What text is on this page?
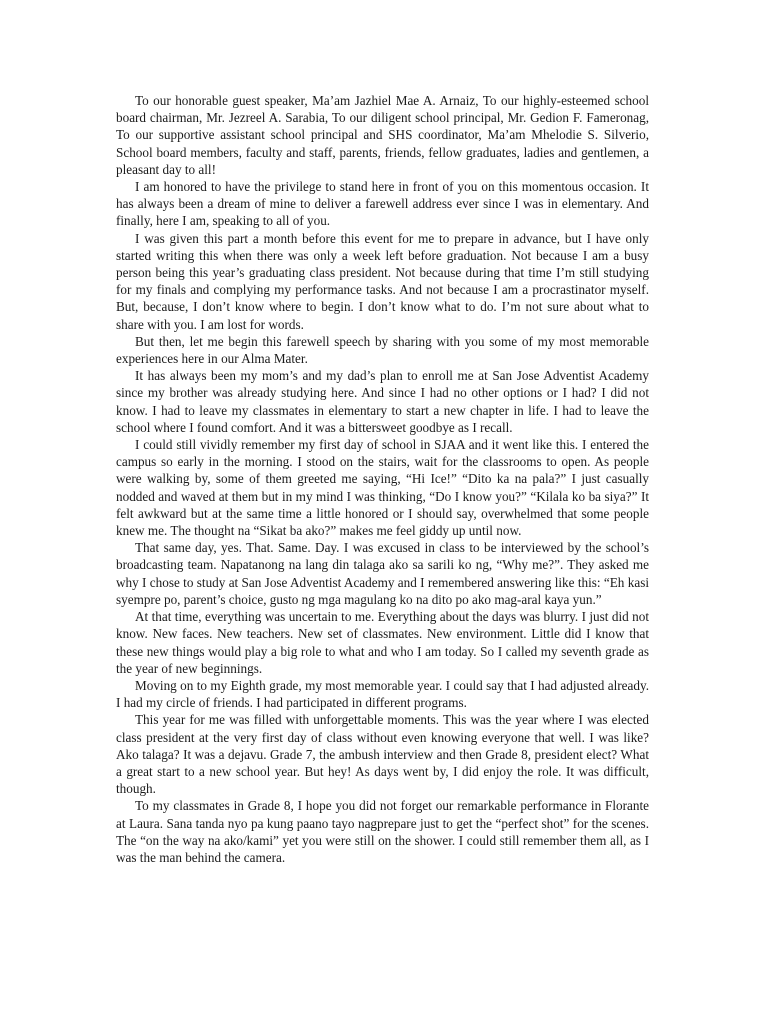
To our honorable guest speaker, Ma’am Jazhiel Mae A. Arnaiz, To our highly-esteemed school board chairman, Mr. Jezreel A. Sarabia, To our diligent school principal, Mr. Gedion F. Fameronag, To our supportive assistant school principal and SHS coordinator, Ma’am Mhelodie S. Silverio, School board members, faculty and staff, parents, friends, fellow graduates, ladies and gentlemen, a pleasant day to all!

I am honored to have the privilege to stand here in front of you on this momentous occasion. It has always been a dream of mine to deliver a farewell address ever since I was in elementary. And finally, here I am, speaking to all of you.

I was given this part a month before this event for me to prepare in advance, but I have only started writing this when there was only a week left before graduation. Not because I am a busy person being this year’s graduating class president. Not because during that time I’m still studying for my finals and complying my performance tasks. And not because I am a procrastinator myself. But, because, I don’t know where to begin. I don’t know what to do. I’m not sure about what to share with you. I am lost for words.

But then, let me begin this farewell speech by sharing with you some of my most memorable experiences here in our Alma Mater.

It has always been my mom’s and my dad’s plan to enroll me at San Jose Adventist Academy since my brother was already studying here. And since I had no other options or I had? I did not know. I had to leave my classmates in elementary to start a new chapter in life. I had to leave the school where I found comfort. And it was a bittersweet goodbye as I recall.

I could still vividly remember my first day of school in SJAA and it went like this. I entered the campus so early in the morning. I stood on the stairs, wait for the classrooms to open. As people were walking by, some of them greeted me saying, “Hi Ice!” “Dito ka na pala?” I just casually nodded and waved at them but in my mind I was thinking, “Do I know you?” “Kilala ko ba siya?” It felt awkward but at the same time a little honored or I should say, overwhelmed that some people knew me. The thought na “Sikat ba ako?” makes me feel giddy up until now.

That same day, yes. That. Same. Day. I was excused in class to be interviewed by the school’s broadcasting team. Napatanong na lang din talaga ako sa sarili ko ng, “Why me?”. They asked me why I chose to study at San Jose Adventist Academy and I remembered answering like this: “Eh kasi syempre po, parent’s choice, gusto ng mga magulang ko na dito po ako mag-aral kaya yun.”

At that time, everything was uncertain to me. Everything about the days was blurry. I just did not know. New faces. New teachers. New set of classmates. New environment. Little did I know that these new things would play a big role to what and who I am today. So I called my seventh grade as the year of new beginnings.

Moving on to my Eighth grade, my most memorable year. I could say that I had adjusted already. I had my circle of friends. I had participated in different programs.

This year for me was filled with unforgettable moments. This was the year where I was elected class president at the very first day of class without even knowing everyone that well. I was like? Ako talaga? It was a dejavu. Grade 7, the ambush interview and then Grade 8, president elect? What a great start to a new school year. But hey! As days went by, I did enjoy the role. It was difficult, though.

To my classmates in Grade 8, I hope you did not forget our remarkable performance in Florante at Laura. Sana tanda nyo pa kung paano tayo nagprepare just to get the “perfect shot” for the scenes. The “on the way na ako/kami” yet you were still on the shower. I could still remember them all, as I was the man behind the camera.
